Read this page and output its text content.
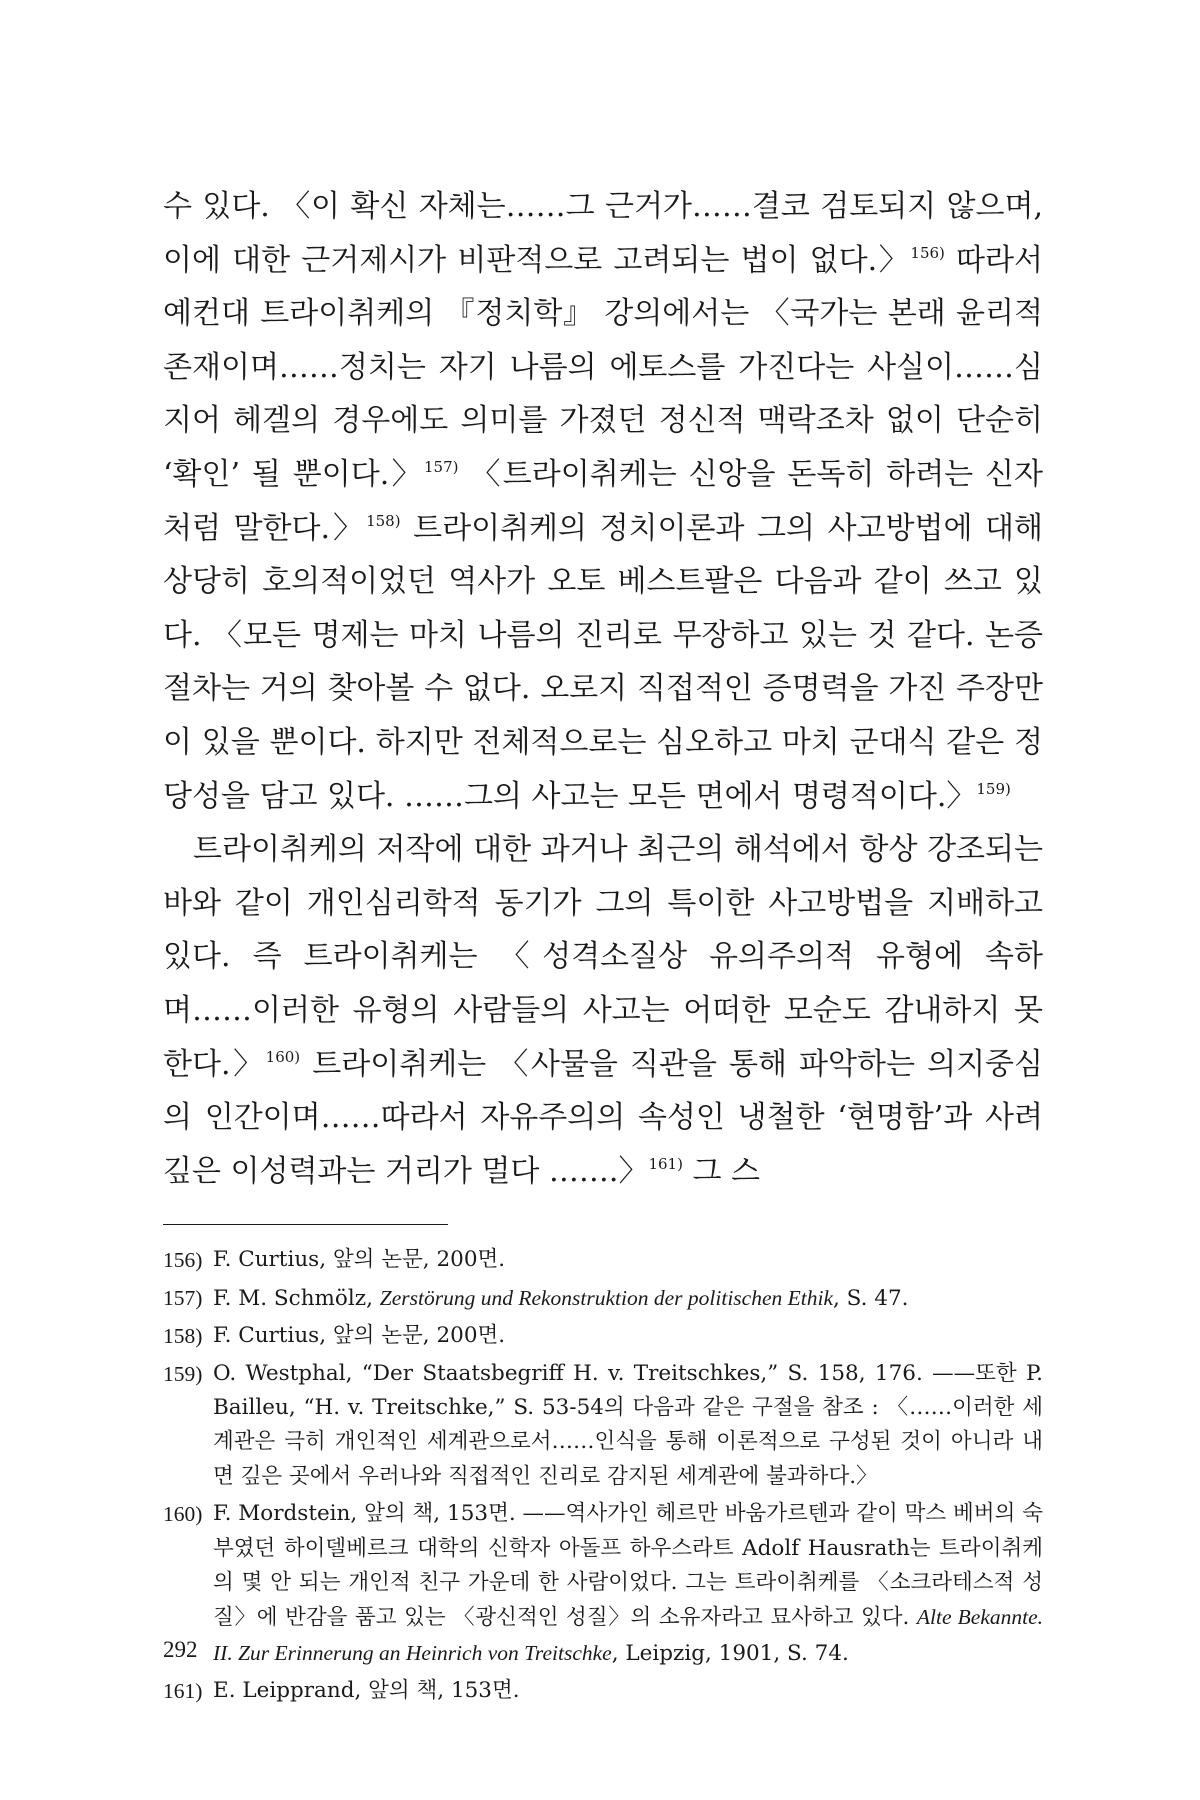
수 있다. 〈이 확신 자체는……그 근거가……결코 검토되지 않으며, 이에 대한 근거제시가 비판적으로 고려되는 법이 없다.〉$^{156)}$ 따라서 예컨대 트라이취케의 『정치학』 강의에서는 〈국가는 본래 윤리적 존재이며……정치는 자기 나름의 에토스를 가진다는 사실이……심지어 헤겔의 경우에도 의미를 가졌던 정신적 맥락조차 없이 단순히 ‘확인’ 될 뿐이다.〉$^{157)}$ 〈트라이취케는 신앙을 돈독히 하려는 신자처럼 말한다.〉$^{158)}$ 트라이취케의 정치이론과 그의 사고방법에 대해 상당히 호의적이었던 역사가 오토 베스트팔은 다음과 같이 쓰고 있다. 〈모든 명제는 마치 나름의 진리로 무장하고 있는 것 같다. 논증절차는 거의 찾아볼 수 없다. 오로지 직접적인 증명력을 가진 주장만이 있을 뿐이다. 하지만 전체적으로는 심오하고 마치 군대식 같은 정당성을 담고 있다. ……그의 사고는 모든 면에서 명령적이다.〉$^{159)}$

트라이취케의 저작에 대한 과거나 최근의 해석에서 항상 강조되는 바와 같이 개인심리학적 동기가 그의 특이한 사고방법을 지배하고 있다. 즉 트라이취케는 〈성격소질상 유의주의적 유형에 속하며……이러한 유형의 사람들의 사고는 어떠한 모순도 감내하지 못한다.〉$^{160)}$ 트라이취케는 〈사물을 직관을 통해 파악하는 의지중심의 인간이며……따라서 자유주의의 속성인 냉철한 ‘현명함’과 사려깊은 이성력과는 거리가 멀다 …….〉$^{161)}$ 그 스

156) F. Curtius, 앞의 논문, 200면.
157) F. M. Schmölz, Zerstörung und Rekonstruktion der politischen Ethik, S. 47.
158) F. Curtius, 앞의 논문, 200면.
159) O. Westphal, “Der Staatsbegriff H. v. Treitschkes,” S. 158, 176. ——또한 P. Bailleu, “H. v. Treitschke,” S. 53-54의 다음과 같은 구절을 참조 : 〈……이러한 세계관은 극히 개인적인 세계관으로서……인식을 통해 이론적으로 구성된 것이 아니라 내면 깊은 곳에서 우러나와 직접적인 진리로 감지된 세계관에 불과하다.〉
160) F. Mordstein, 앞의 책, 153면. ——역사가인 헤르만 바움가르텐과 같이 막스 베버의 숙부였던 하이델베르크 대학의 신학자 아돌프 하우스라트 Adolf Hausrath는 트라이취케의 몇 안 되는 개인적 친구 가운데 한 사람이었다. 그는 트라이취케를 〈소크라테스적 성질〉에 반감을 품고 있는 〈광신적인 성질〉의 소유자라고 묘사하고 있다. Alte Bekannte. II. Zur Erinnerung an Heinrich von Treitschke, Leipzig, 1901, S. 74.
161) E. Leipprand, 앞의 책, 153면.
292
